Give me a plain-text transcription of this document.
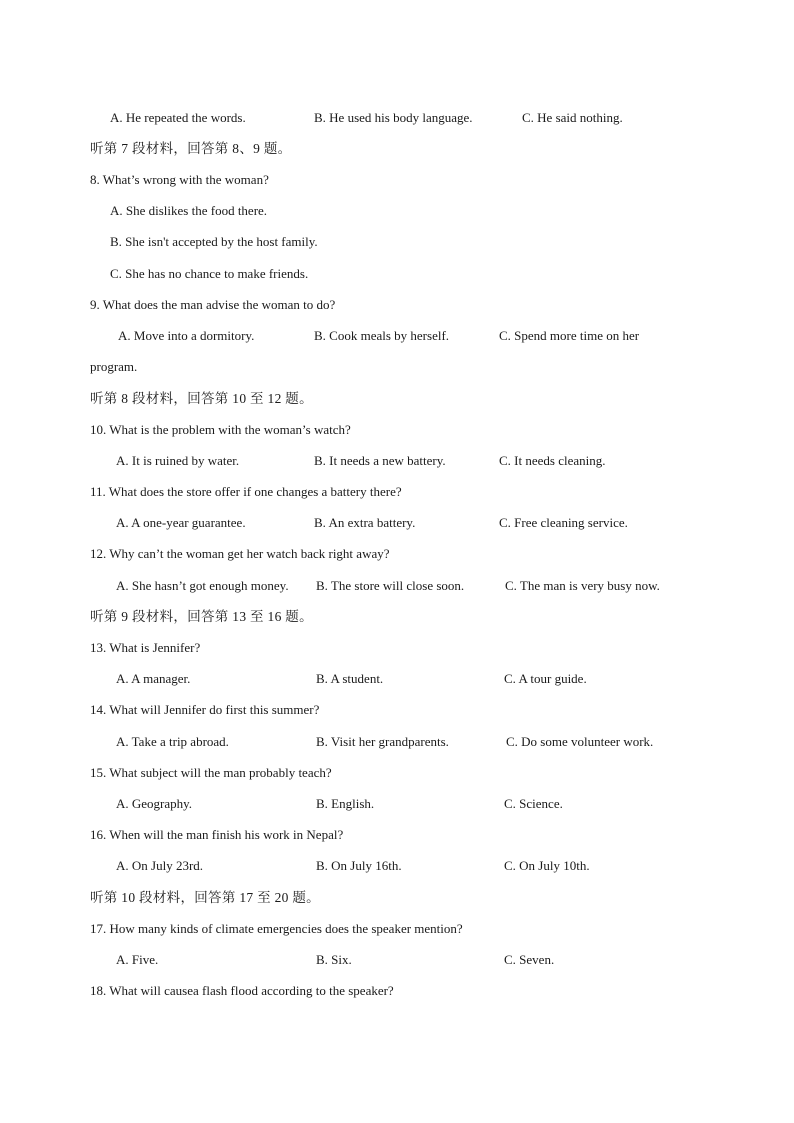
A. He repeated the words.	B. He used his body language.	C. He said nothing.
听第 7 段材料，回答第 8、9 题。
8. What’s wrong with the woman?
A. She dislikes the food there.
B. She isn't accepted by the host family.
C. She has no chance to make friends.
9. What does the man advise the woman to do?
A. Move into a dormitory.	B. Cook meals by herself.	C. Spend more time on her
program.
听第 8 段材料，回答第 10 至 12 题。
10. What is the problem with the woman’s watch?
A. It is ruined by water.	B. It needs a new battery.	C. It needs cleaning.
11. What does the store offer if one changes a battery there?
A. A one-year guarantee.	B. An extra battery.	C. Free cleaning service.
12. Why can’t the woman get her watch back right away?
A. She hasn’t got enough money. B. The store will close soon.	C. The man is very busy now.
听第 9 段材料，回答第 13 至 16 题。
13. What is Jennifer?
A. A manager.	B. A student.	C. A tour guide.
14. What will Jennifer do first this summer?
A. Take a trip abroad.	B. Visit her grandparents.	C. Do some volunteer work.
15. What subject will the man probably teach?
A. Geography.	B. English.	C. Science.
16. When will the man finish his work in Nepal?
A. On July 23rd.	B. On July 16th.	C. On July 10th.
听第 10 段材料，回答第 17 至 20 题。
17. How many kinds of climate emergencies does the speaker mention?
A. Five.	B. Six.	C. Seven.
18. What will causea flash flood according to the speaker?
